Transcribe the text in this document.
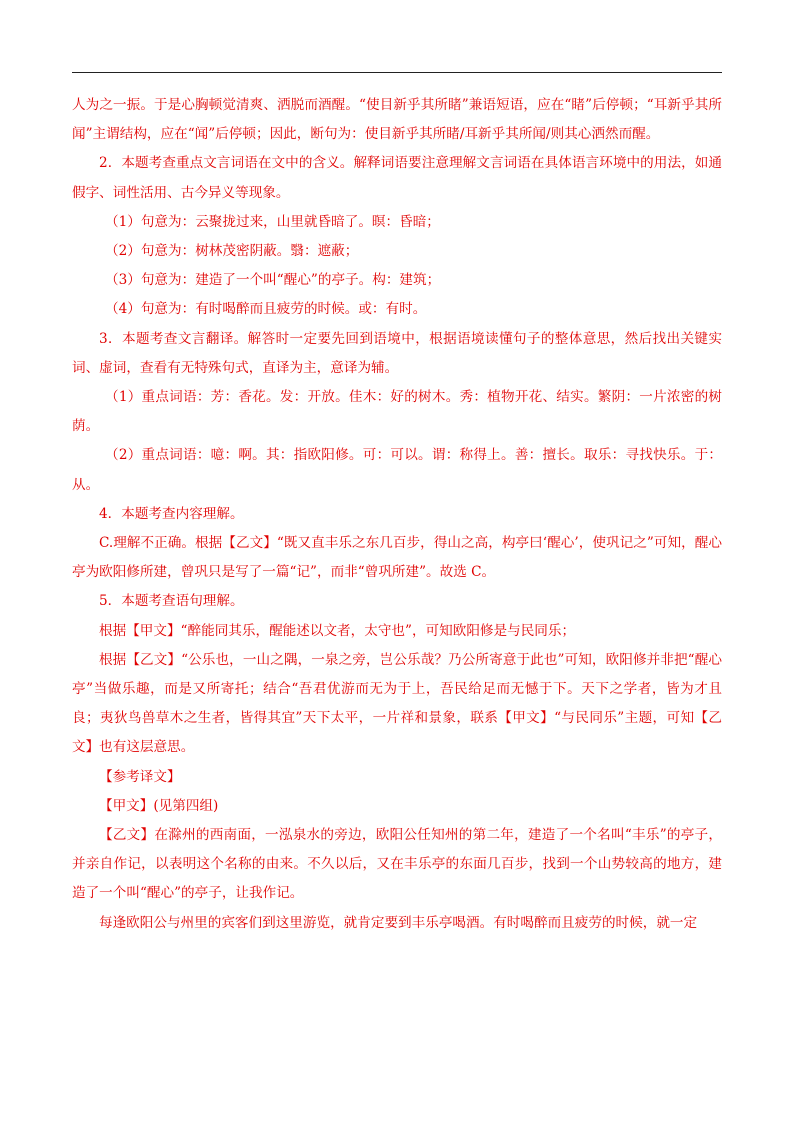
人为之一振。于是心胸顿觉清爽、洒脱而酒醒。“使目新乎其所睹”兼语短语，应在“睹”后停顿；“耳新乎其所闻”主谓结构，应在“闻”后停顿；因此，断句为：使目新乎其所睹/耳新乎其所闻/则其心洒然而醒。

2．本题考查重点文言词语在文中的含义。解释词语要注意理解文言词语在具体语言环境中的用法，如通假字、词性活用、古今异义等现象。

（1）句意为：云聚拢过来，山里就昏暗了。暝：昏暗；

（2）句意为：树林茂密阴蔽。翳：遮蔽；

（3）句意为：建造了一个叫“醒心”的亭子。构：建筑；

（4）句意为：有时喝醉而且疲劳的时候。或：有时。

3．本题考查文言翻译。解答时一定要先回到语境中，根据语境读懂句子的整体意思，然后找出关键实词、虚词，查看有无特殊句式，直译为主，意译为辅。

（1）重点词语：芳：香花。发：开放。佳木：好的树木。秀：植物开花、结实。繁阴：一片浓密的树荫。

（2）重点词语：噫：啊。其：指欧阳修。可：可以。谓：称得上。善：擅长。取乐：寻找快乐。于：从。

4．本题考查内容理解。

C.理解不正确。根据【乙文】“既又直丰乐之东几百步，得山之高，构亭曰‘醒心’，使巩记之”可知，醒心亭为欧阳修所建，曾巩只是写了一篇“记”，而非“曾巩所建”。故选 C。

5．本题考查语句理解。

根据【甲文】“醉能同其乐，醒能述以文者，太守也”，可知欧阳修是与民同乐；

根据【乙文】“公乐也，一山之隅，一泉之旁，岂公乐哉？乃公所寄意于此也”可知，欧阳修并非把“醒心亭”当做乐趣，而是又所寄托；结合“吾君优游而无为于上，吾民给足而无憾于下。天下之学者，皆为才且良；夷狄鸟兽草木之生者，皆得其宜”天下太平，一片祥和景象，联系【甲文】“与民同乐”主题，可知【乙文】也有这层意思。

【参考译文】

【甲文】(见第四组)

【乙文】在滁州的西南面，一泓泉水的旁边，欧阳公任知州的第二年，建造了一个名叫“丰乐”的亭子，并亲自作记，以表明这个名称的由来。不久以后，又在丰乐亭的东面几百步，找到一个山势较高的地方，建造了一个叫“醒心”的亭子，让我作记。

每逢欧阳公与州里的宾客们到这里游览，就肯定要到丰乐亭喝酒。有时喝醉而且疲劳的时候，就一定
